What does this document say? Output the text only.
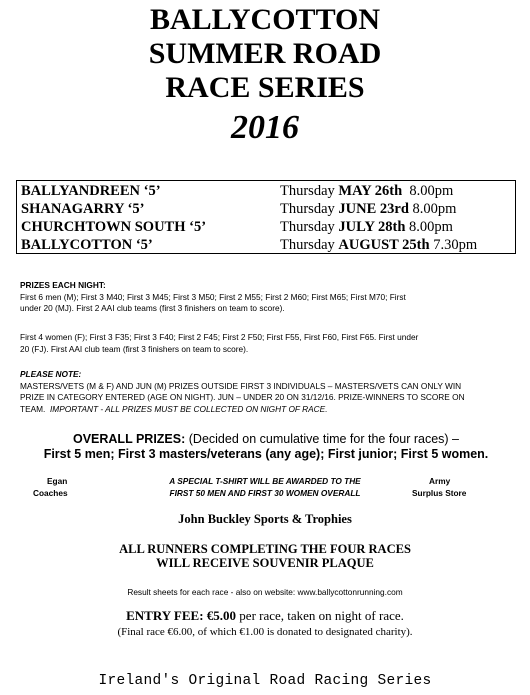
BALLYCOTTON
SUMMER ROAD
RACE SERIES
2016
BALLYANDREEN ‘5’	Thursday MAY 26th 8.00pm
SHANAGARRY ‘5’	Thursday JUNE 23rd 8.00pm
CHURCHTOWN SOUTH ‘5’	Thursday JULY 28th 8.00pm
BALLYCOTTON ‘5’	Thursday AUGUST 25th 7.30pm
PRIZES EACH NIGHT:
First 6 men (M); First 3 M40; First 3 M45; First 3 M50; First 2 M55; First 2 M60; First M65; First M70; First
under 20 (MJ). First 2 AAI club teams (first 3 finishers on team to score).
First 4 women (F); First 3 F35; First 3 F40; First 2 F45; First 2 F50; First F55, First F60, First F65. First under
20 (FJ). First AAI club team (first 3 finishers on team to score).
PLEASE NOTE:
MASTERS/VETS (M & F) AND JUN (M) PRIZES OUTSIDE FIRST 3 INDIVIDUALS – MASTERS/VETS CAN ONLY WIN
PRIZE IN CATEGORY ENTERED (AGE ON NIGHT). JUN – UNDER 20 ON 31/12/16. PRIZE-WINNERS TO SCORE ON
TEAM. IMPORTANT - ALL PRIZES MUST BE COLLECTED ON NIGHT OF RACE.
OVERALL PRIZES: (Decided on cumulative time for the four races) –
First 5 men; First 3 masters/veterans (any age); First junior; First 5 women.
Egan
Coaches
A SPECIAL T-SHIRT WILL BE AWARDED TO THE
FIRST 50 MEN AND FIRST 30 WOMEN OVERALL
Army
Surplus Store
John Buckley Sports & Trophies
ALL RUNNERS COMPLETING THE FOUR RACES
WILL RECEIVE SOUVENIR PLAQUE
Result sheets for each race - also on website: www.ballycottonrunning.com
ENTRY FEE: €5.00 per race, taken on night of race.
(Final race €6.00, of which €1.00 is donated to designated charity).
Ireland's Original Road Racing Series
